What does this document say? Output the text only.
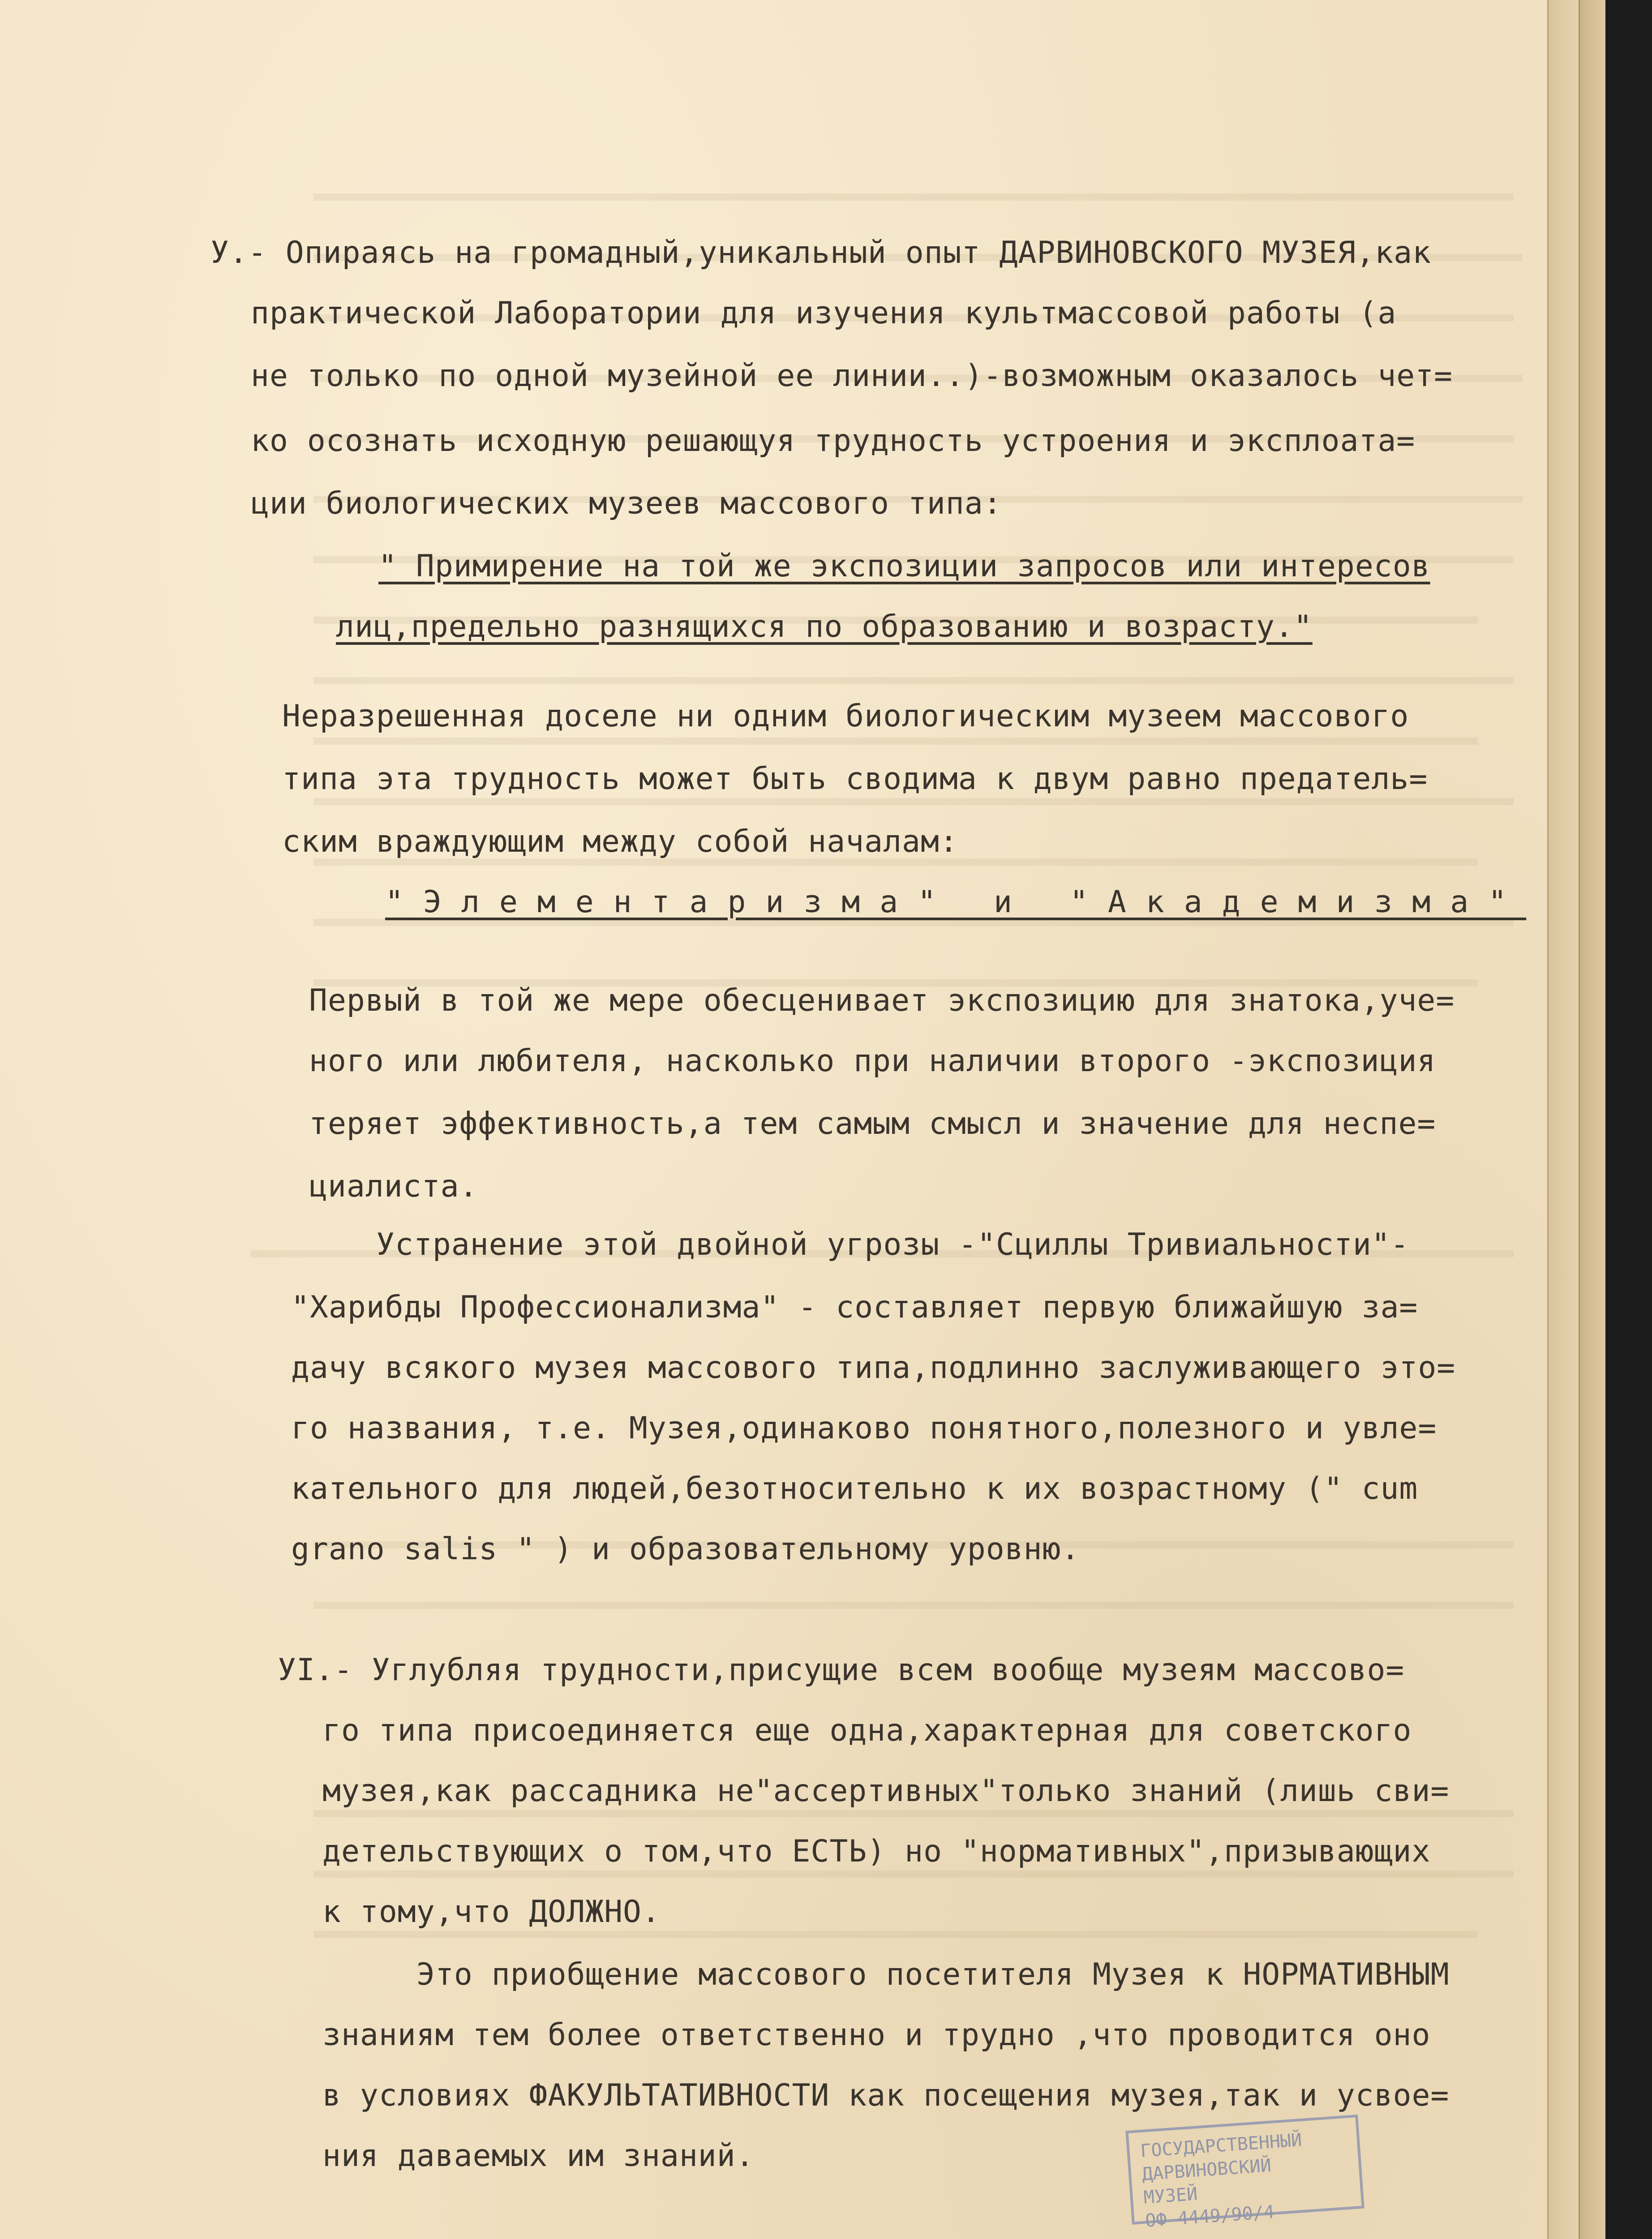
У.- Опираясь на громадный,уникальный опыт ДАРВИНОВСКОГО МУЗЕЯ,как
практической Лаборатории для изучения культмассовой работы (а
не только по одной музейной ее линии..)-возможным оказалось чет=
ко осознать исходную решающуя трудность устроения и эксплоата=
ции биологических музеев массового типа:
" Примирение на той же экспозиции запросов или интересов
лиц,предельно разнящихся по образованию и возрасту."
Неразрешенная доселе ни одним биологическим музеем массового
типа эта трудность может быть сводима к двум равно предатель=
ским враждующим между собой началам:
"Элементаризма" и "Академизма"
Первый в той же мере обесценивает экспозицию для знатока,уче=
ного или любителя, насколько при наличии второго -экспозиция
теряет эффективность,а тем самым смысл и значение для неспе=
циалиста.
Устранение этой двойной угрозы -"Сциллы Тривиальности"-
"Харибды Профессионализма" - составляет первую ближайшую за=
дачу всякого музея массового типа,подлинно заслуживающего это=
го названия, т.е. Музея,одинаково понятного,полезного и увле=
кательного для людей,безотносительно к их возрастному (" cum
grano salis " ) и образовательному уровню.
УI.- Углубляя трудности,присущие всем вообще музеям массово=
го типа присоединяется еще одна,характерная для советского
музея,как рассадника не"ассертивных"только знаний (лишь сви=
детельствующих о том,что ЕСТЬ) но "нормативных",призывающих
к тому,что ДОЛЖНО.
Это приобщение массового посетителя Музея к НОРМАТИВНЫМ
знаниям тем более ответственно и трудно ,что проводится оно
в условиях ФАКУЛЬТАТИВНОСТИ как посещения музея,так и усвое=
ния даваемых им знаний.	ГОСУДАРСТВЕННЫЙ
ДАРВИНОВСКИЙ
МУЗЕЙ
ОФ 4449/90/4
